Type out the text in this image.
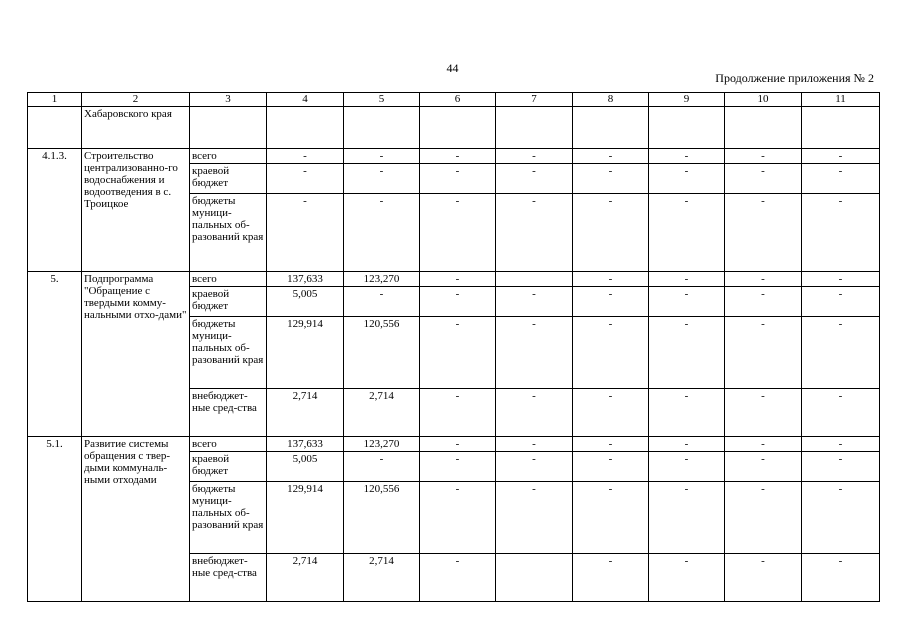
44
Продолжение приложения № 2
1	2	3	4	5	6	7	8	9	10	11
	Хабаровского края									
4.1.3.	Строительство централизованно-го водоснабжения и водоотведения в с. Троицкое	всего	-	-	-	-	-	-	-	-
		краевой бюджет	-	-	-	-	-	-	-	-
		бюджеты муници-пальных об-разований края	-	-	-	-	-	-	-	-
5.	Подпрограмма "Обращение с твердыми комму-нальными отхо-дами"	всего	137,633	123,270	-		-	-	-	-
		краевой бюджет	5,005	-	-	-	-	-	-	-
		бюджеты муници-пальных об-разований края	129,914	120,556	-	-	-	-	-	-
		внебюджет-ные сред-ства	2,714	2,714	-	-	-	-	-	-
5.1.	Развитие системы обращения с твер-дыми коммуналь-ными отходами	всего	137,633	123,270	-	-	-	-	-	-
		краевой бюджет	5,005	-	-	-	-	-	-	-
		бюджеты муници-пальных об-разований края	129,914	120,556	-	-	-	-	-	-
		внебюджет-ные сред-ства	2,714	2,714	-		-	-	-	-
